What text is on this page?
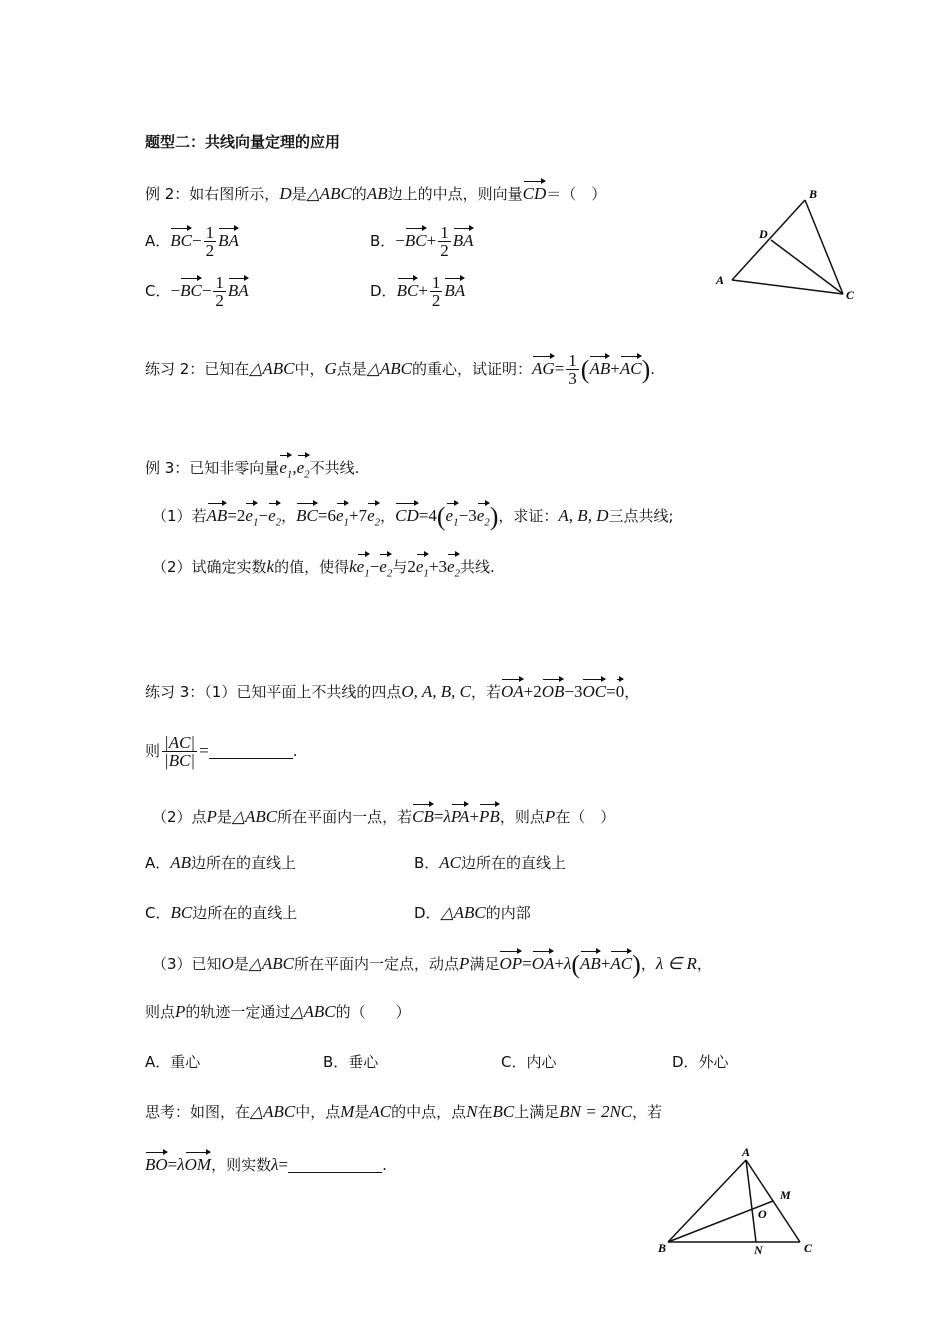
题型二：共线向量定理的应用
例 2：如右图所示，D是△ABC的AB边上的中点，则向量CD＝（　）
A．$BC- \frac{1}{2}$ BA	B．$-BC+ \frac{1}{2}$ BA
C．$-BC- \frac{1}{2}$ BA	D．$BC+ \frac{1}{2}$ BA
B
D
A
C
练习 2：已知在△ABC中，G点是△ABC的重心，试证明：$AG= \frac{1}{3} (AB+AC)$.
例 3：已知非零向量$e_1,e_2$不共线.
（1）若$AB=2e_1-e_2$，$BC=6e_1+7e_2$，$CD=4(e_1-3e_2)$，求证：A, B, D三点共线;
（2）试确定实数k的值，使得$ke_1-e_2$与$2e_1+3e_2$共线.
练习 3：（1）已知平面上不共线的四点O, A, B, C，若OA+2OB−3OC=0，
则 $\frac{|AC|}{|BC|}$ =	.
（2）点P是△ABC所在平面内一点，若CB=λPA+PB，则点P在（　）
A．AB边所在的直线上	B．AC边所在的直线上
C．BC边所在的直线上	D．△ABC的内部
（3）已知O是△ABC所在平面内一定点，动点P满足OP=OA+λ(AB+AC)，λ ∈ R，
则点P的轨迹一定通过△ABC的（　　）
A．重心	B．垂心	C．内心	D．外心
思考：如图，在△ABC中，点M是AC的中点，点N在BC上满足BN = 2NC，若
BO=λOM，则实数λ=	.
A
M
O
B	N	C
